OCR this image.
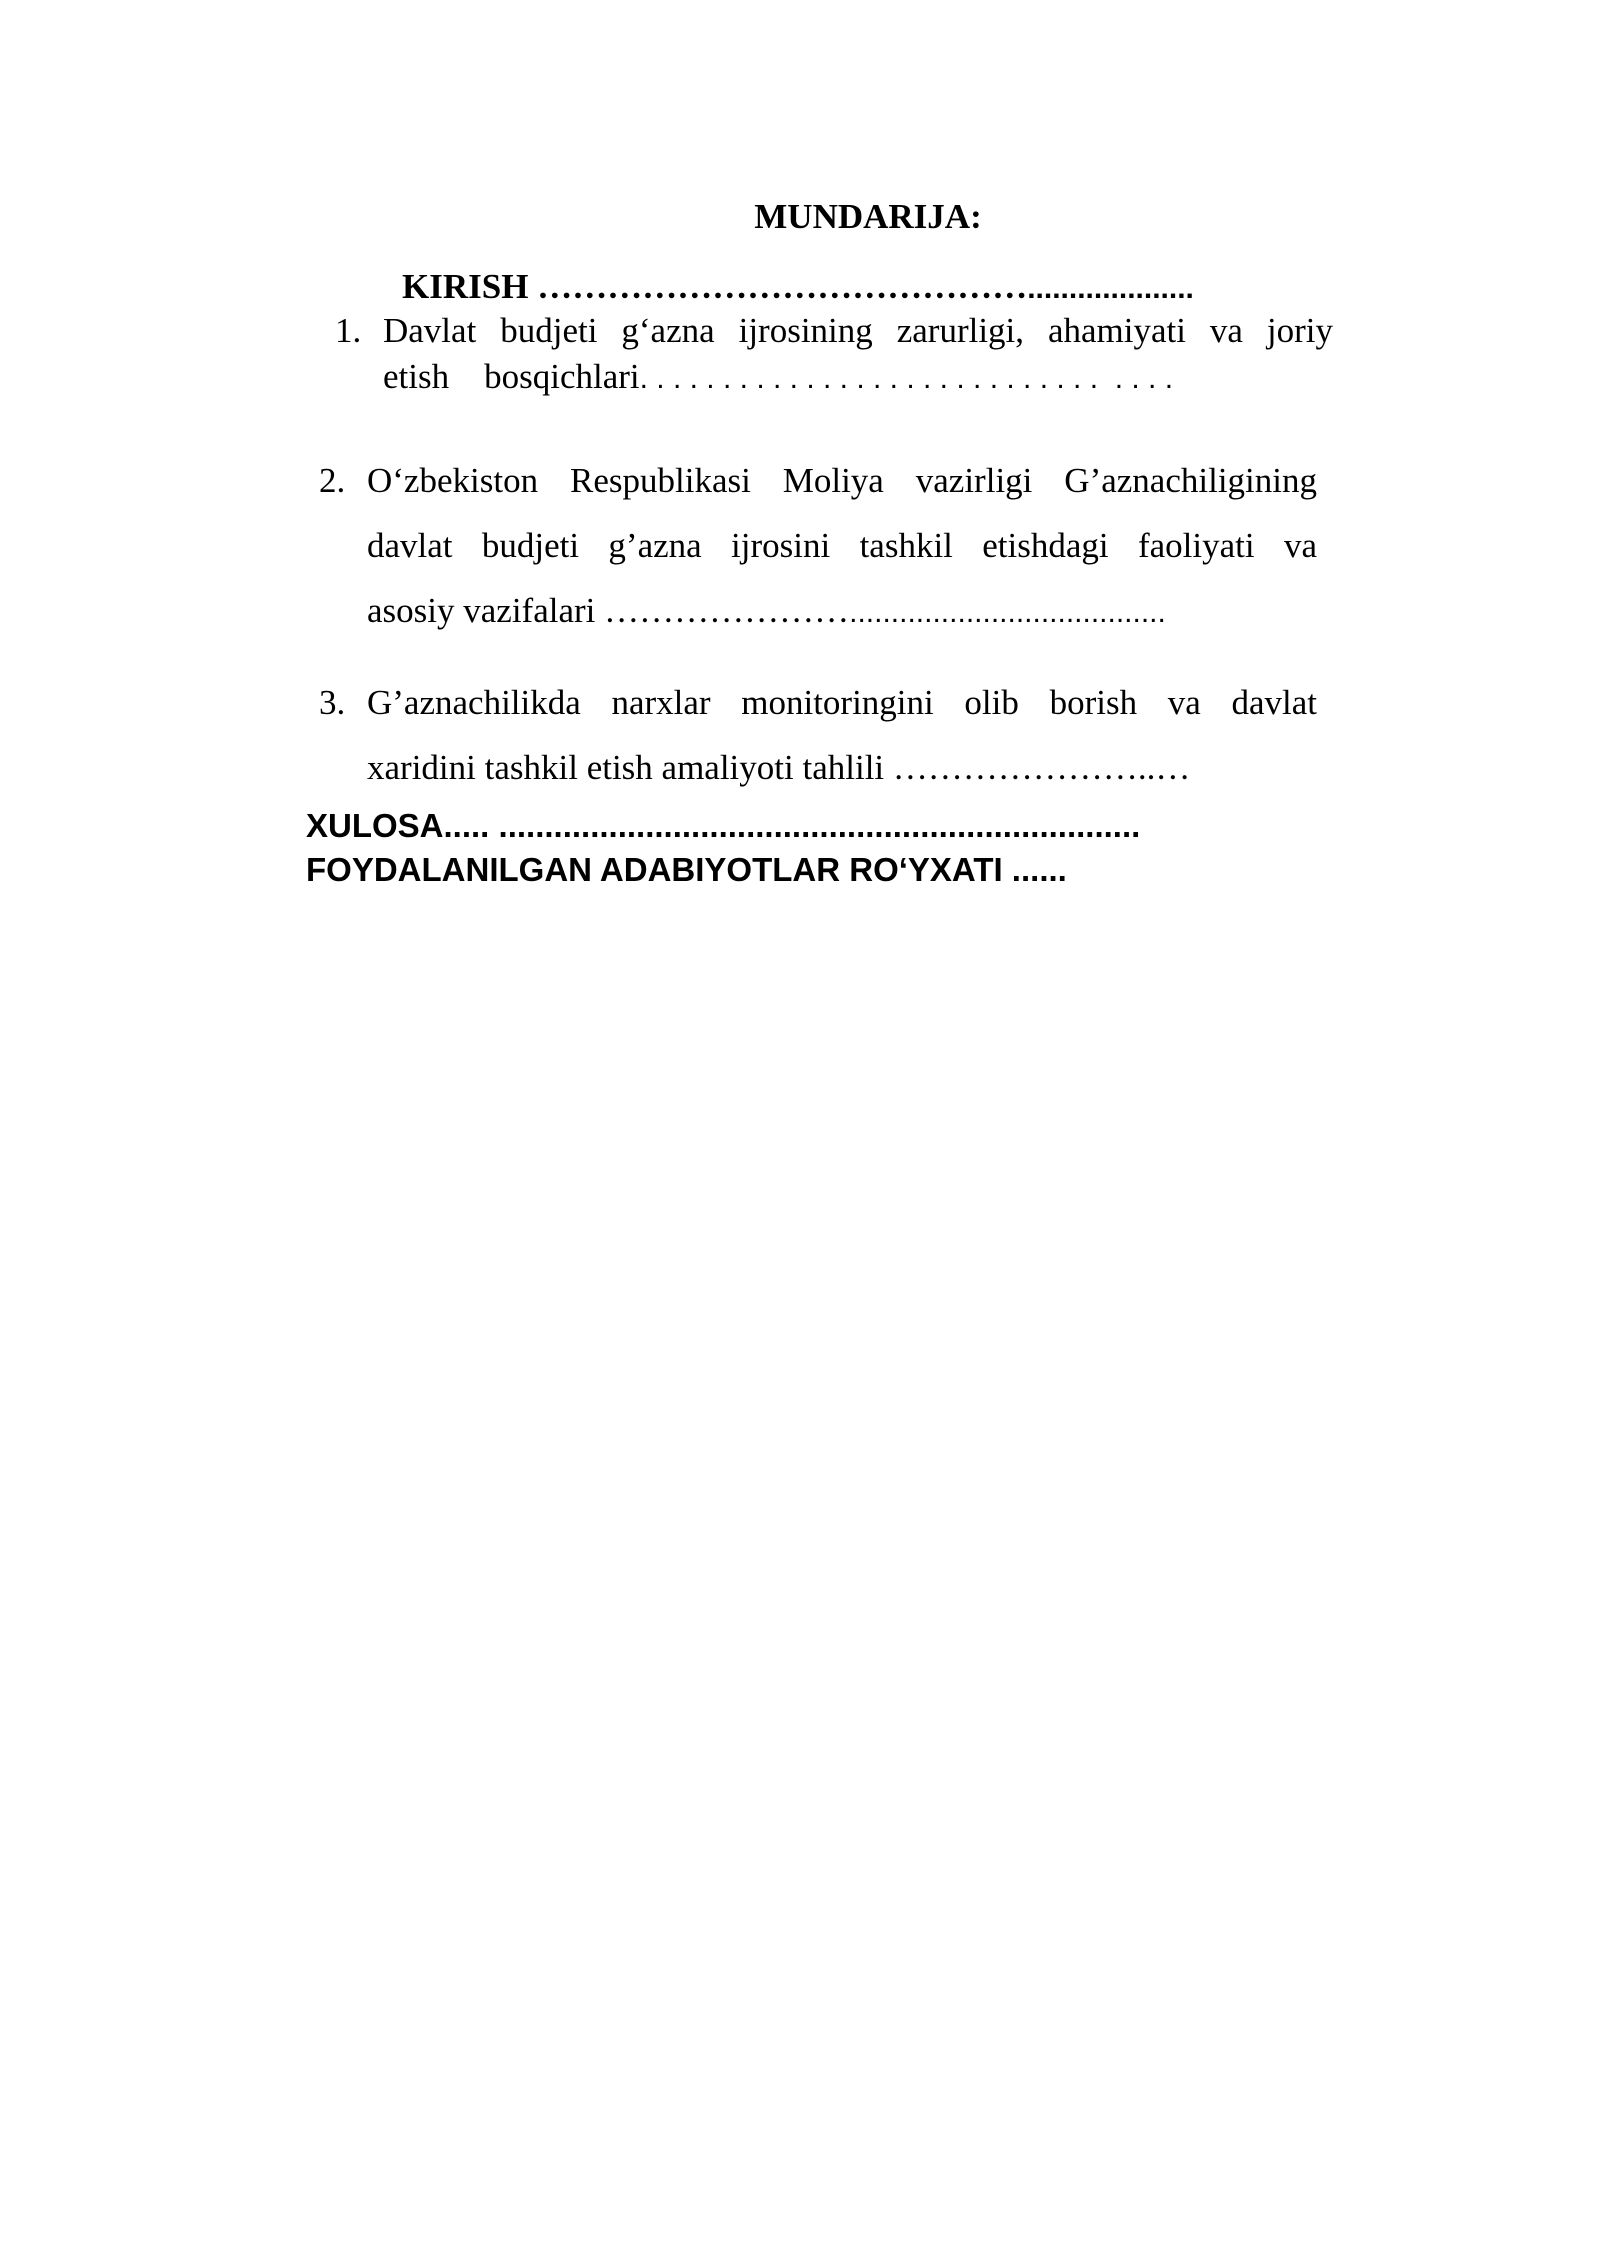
MUNDARIJA:
KIRISH ……………………………………....................
1. Davlat budjeti g‘azna ijrosining zarurligi, ahamiyati va joriy
etish    bosqichlari. . . . . . . . . . . . . . . . . . . . . . . . . . . .  . . . .
2. O‘zbekiston Respublikasi Moliya vazirligi G’aznachiligining
davlat budjeti g’azna ijrosini tashkil etishdagi faoliyati va
asosiy vazifalari …………………......................................
3. G’aznachilikda narxlar monitoringini olib borish va davlat
xaridini tashkil etish amaliyoti tahlili …………………..…
XULOSA..... ......................................................................
FOYDALANILGAN ADABIYOTLAR RO‘YXATI ......
